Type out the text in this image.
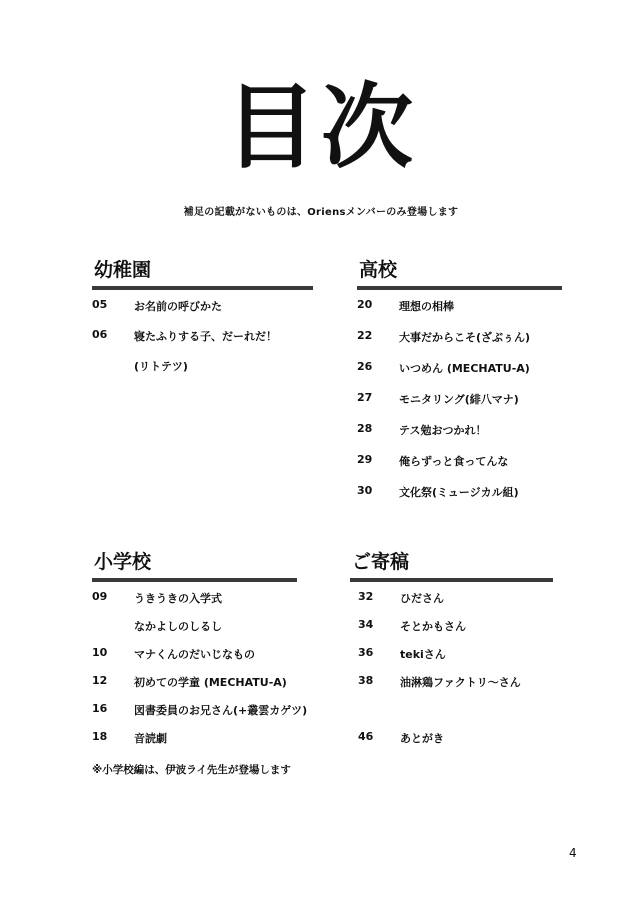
目次
補足の記載がないものは、Oriensメンバーのみ登場します
幼稚園
05	お名前の呼びかた
06	寝たふりする子、だーれだ！
(リトテツ)
高校
20	理想の相棒
22	大事だからこそ(ざぶぅん)
26	いつめん (MECHATU-A)
27	モニタリング(緋八マナ)
28	テス勉おつかれ！
29	俺らずっと食ってんな
30	文化祭(ミュージカル組)
小学校
09	うきうきの入学式
なかよしのしるし
10	マナくんのだいじなもの
12	初めての学童 (MECHATU-A)
16	図書委員のお兄さん(+叢雲カゲツ)
18	音読劇
ご寄稿
32	ひださん
34	そとかもさん
36	tekiさん
38	油淋鶏ファクトリ～さん
46	あとがき
※小学校編は、伊波ライ先生が登場します
4
